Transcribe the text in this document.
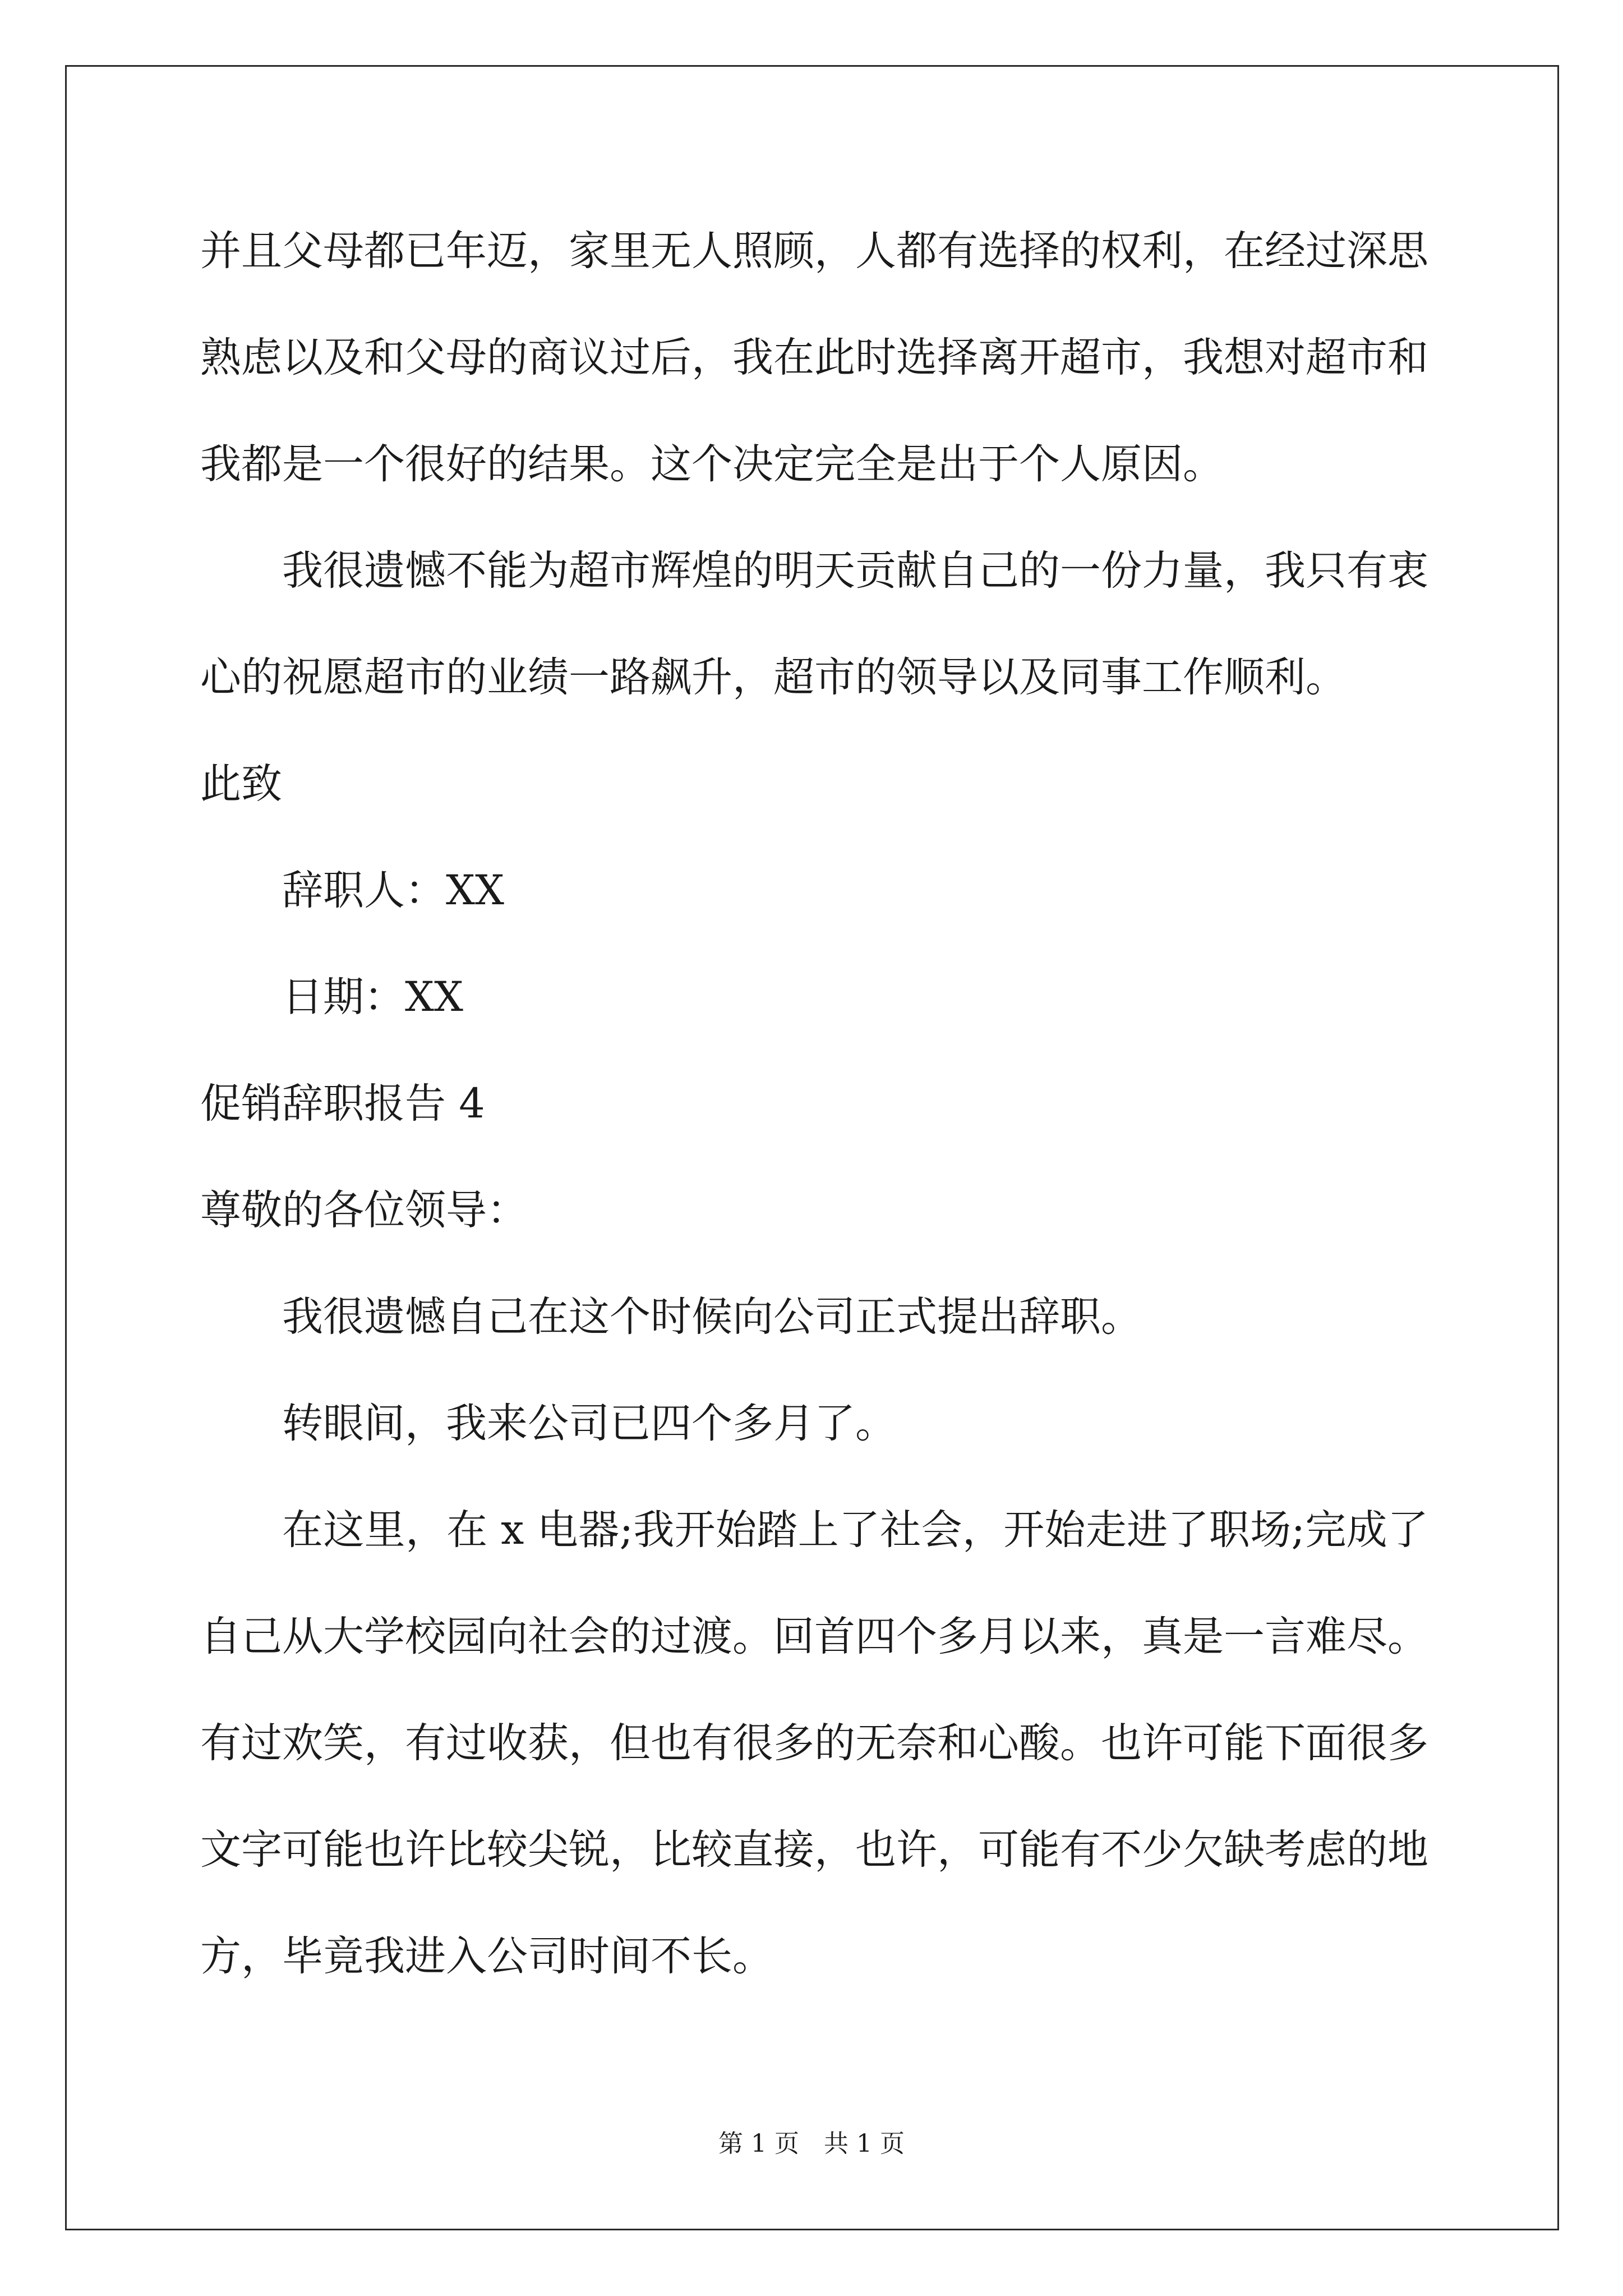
并且父母都已年迈，家里无人照顾，人都有选择的权利，在经过深思
熟虑以及和父母的商议过后，我在此时选择离开超市，我想对超市和
我都是一个很好的结果。这个决定完全是出于个人原因。
我很遗憾不能为超市辉煌的明天贡献自己的一份力量，我只有衷
心的祝愿超市的业绩一路飙升，超市的领导以及同事工作顺利。
此致
辞职人：XX
日期：XX
促销辞职报告 4
尊敬的各位领导：
我很遗憾自己在这个时候向公司正式提出辞职。
转眼间，我来公司已四个多月了。
在这里，在 x 电器;我开始踏上了社会，开始走进了职场;完成了
自己从大学校园向社会的过渡。回首四个多月以来，真是一言难尽。
有过欢笑，有过收获，但也有很多的无奈和心酸。也许可能下面很多
文字可能也许比较尖锐，比较直接，也许，可能有不少欠缺考虑的地
方，毕竟我进入公司时间不长。
第 1 页　共 1 页
